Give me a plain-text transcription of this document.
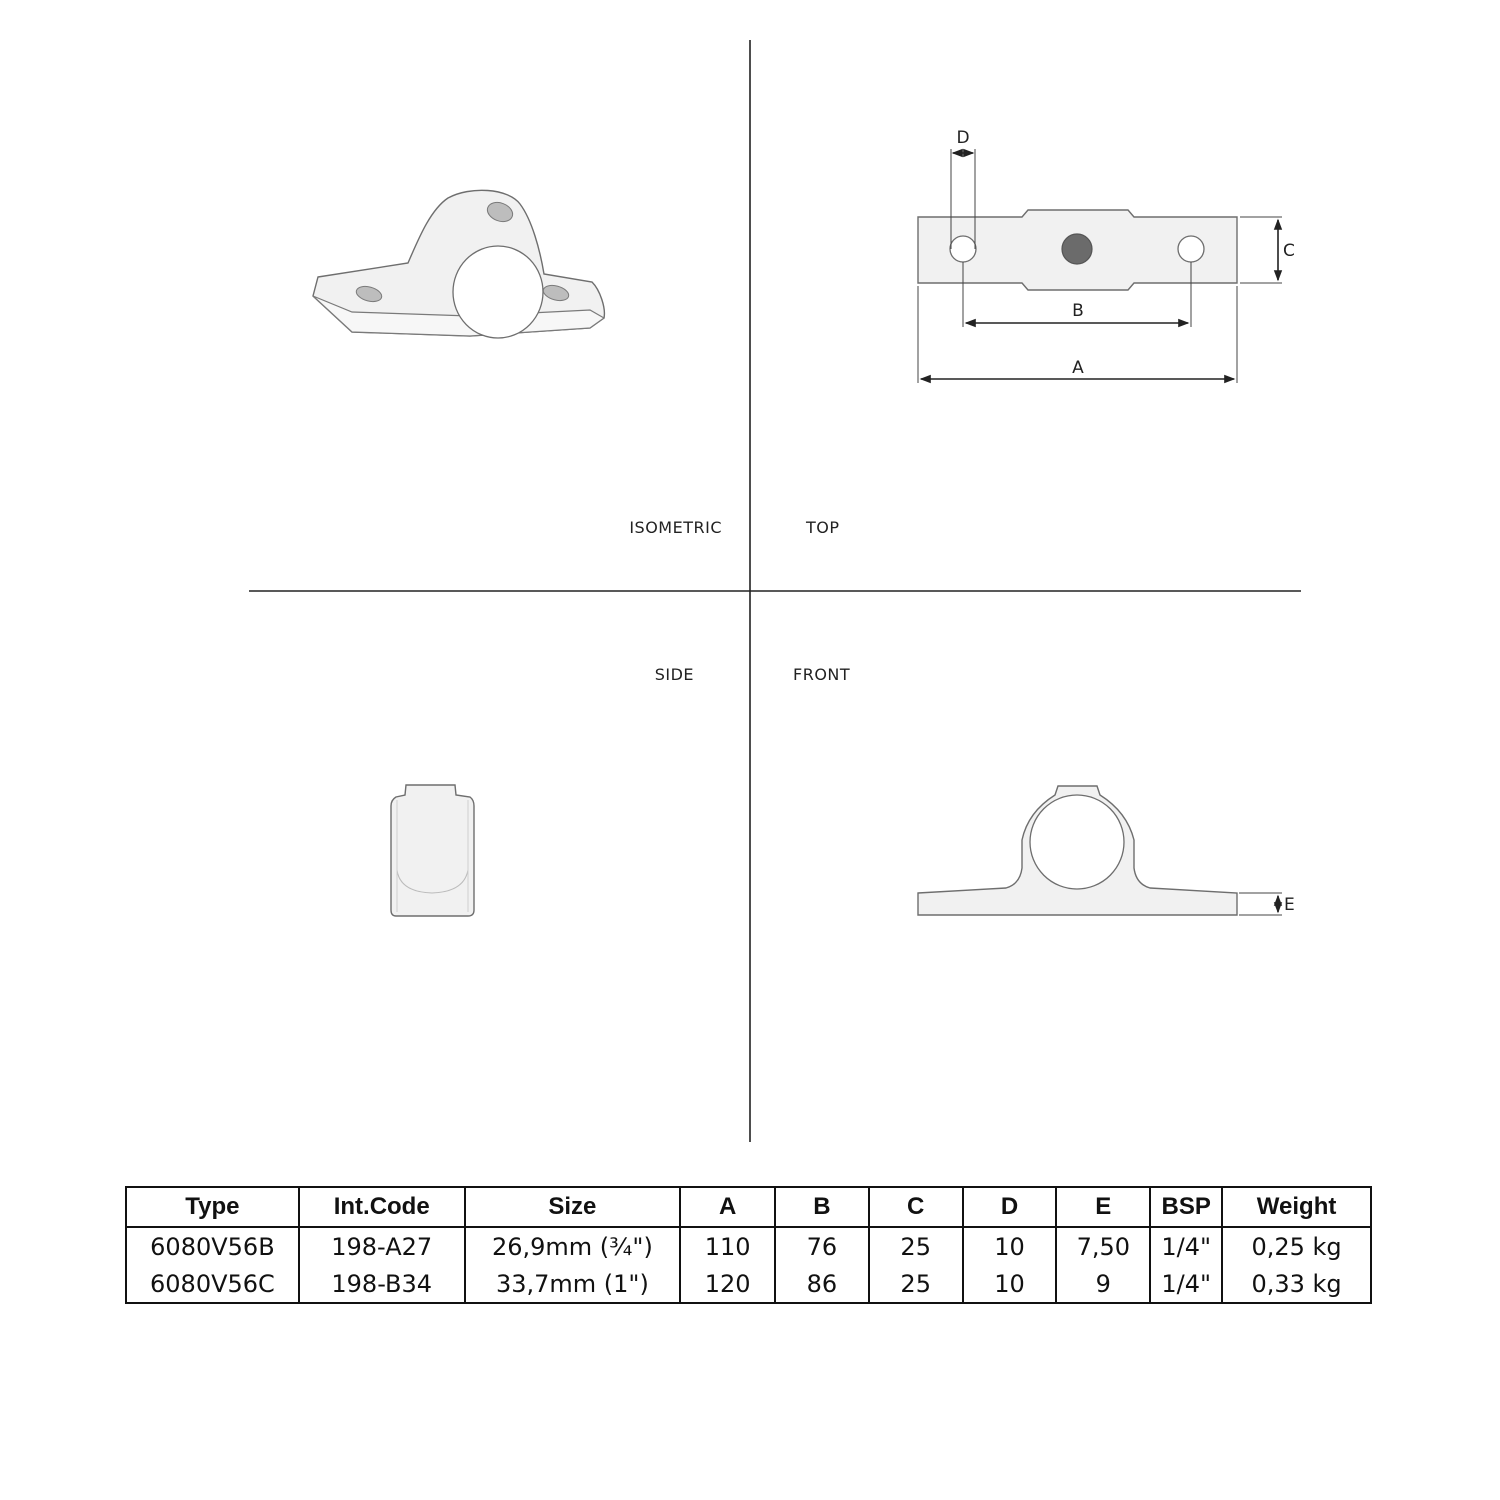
ISOMETRIC	TOP
SIDE	FRONT
D
C
B
A
E
Type	Int.Code	Size	A	B	C	D	E	BSP	Weight
6080V56B	198-A27	26,9mm (¾")	110	76	25	10	7,50	1/4"	0,25 kg
6080V56C	198-B34	33,7mm (1")	120	86	25	10	9	1/4"	0,33 kg
